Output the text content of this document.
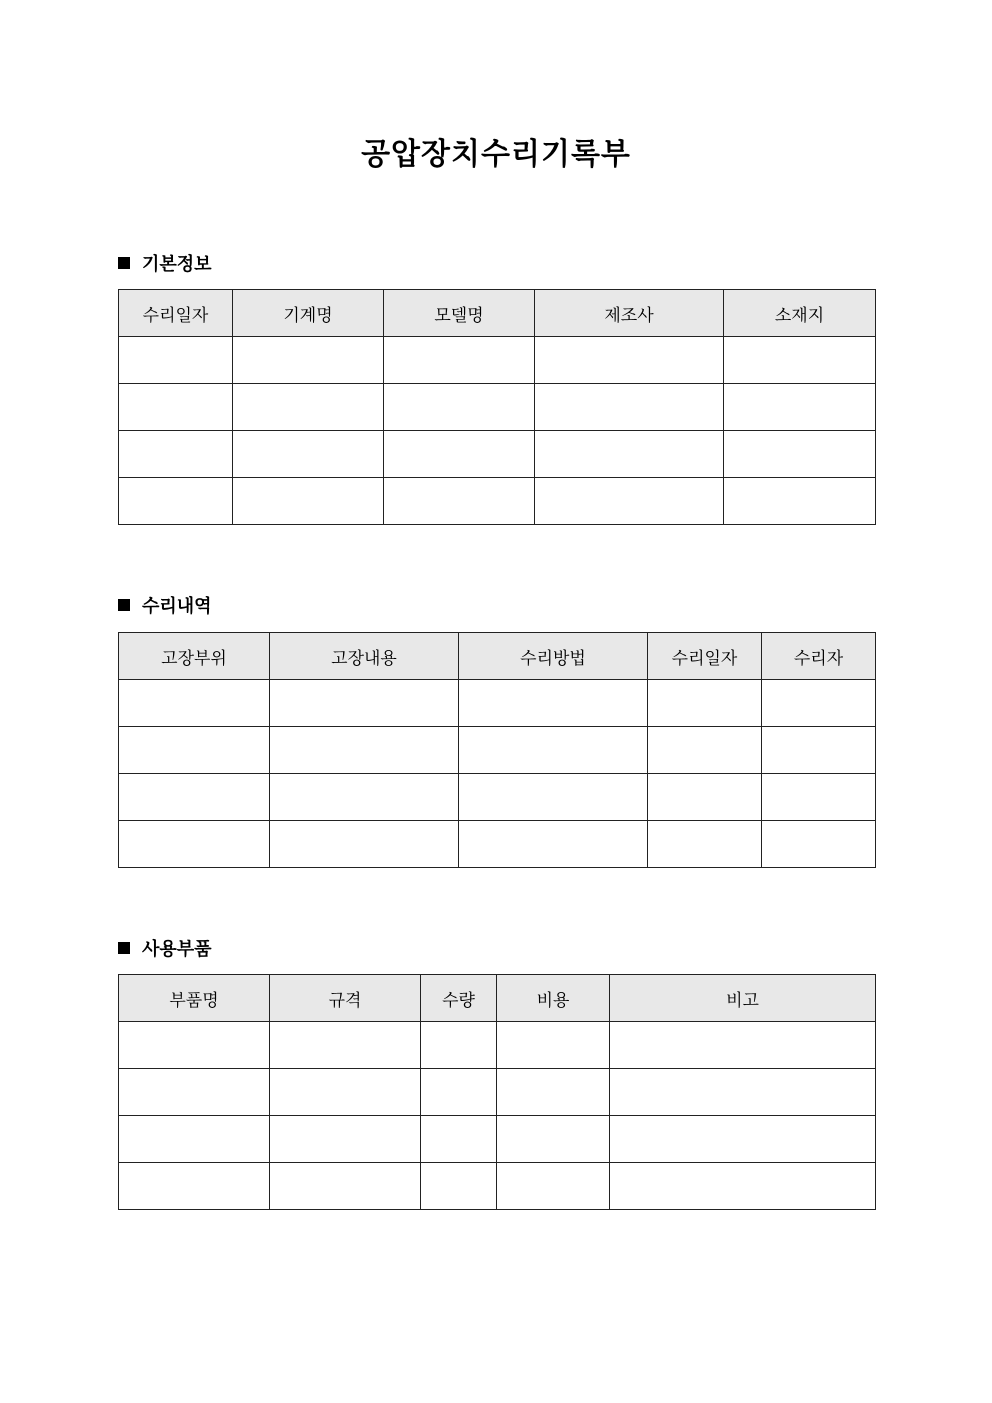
공압장치수리기록부
기본정보
수리일자	기계명	모델명	제조사	소재지

수리내역
고장부위	고장내용	수리방법	수리일자	수리자

사용부품
부품명	규격	수량	비용	비고
